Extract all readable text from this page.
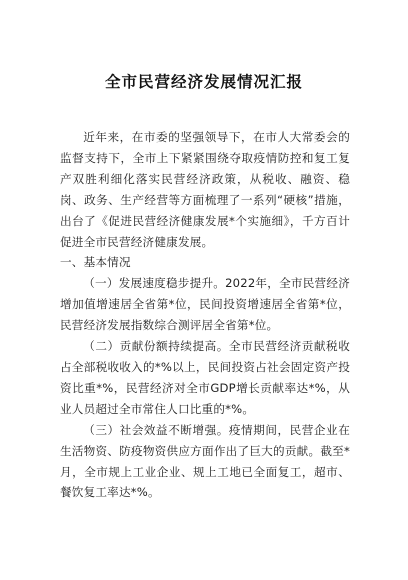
全市民营经济发展情况汇报

近年来，在市委的坚强领导下，在市人大常委会的监督支持下，全市上下紧紧围绕夺取疫情防控和复工复产双胜利细化落实民营经济政策，从税收、融资、稳岗、政务、生产经营等方面梳理了一系列“硬核”措施，出台了《促进民营经济健康发展*个实施细》，千方百计促进全市民营经济健康发展。

一、基本情况

（一）发展速度稳步提升。2022年，全市民营经济增加值增速居全省第*位，民间投资增速居全省第*位，民营经济发展指数综合测评居全省第*位。

（二）贡献份额持续提高。全市民营经济贡献税收占全部税收收入的*%以上，民间投资占社会固定资产投资比重*%，民营经济对全市GDP增长贡献率达*%，从业人员超过全市常住人口比重的*%。

（三）社会效益不断增强。疫情期间，民营企业在生活物资、防疫物资供应方面作出了巨大的贡献。截至*月，全市规上工业企业、规上工地已全面复工，超市、餐饮复工率达*%。
